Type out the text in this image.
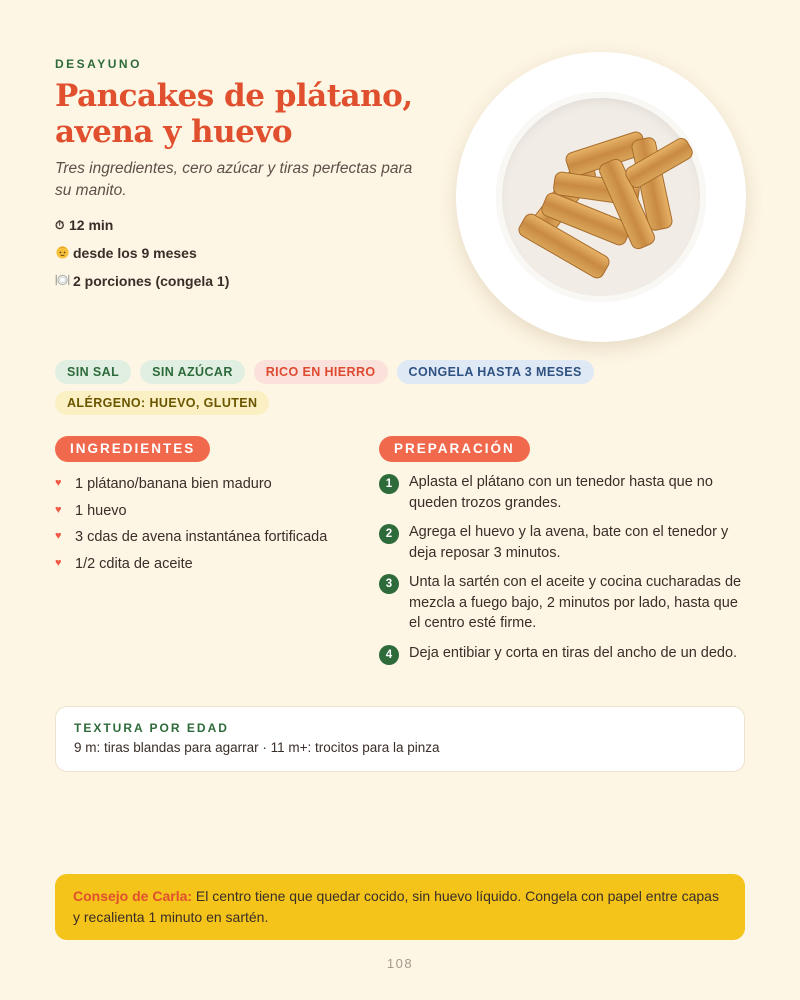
DESAYUNO
Pancakes de plátano, avena y huevo

Tres ingredientes, cero azúcar y tiras perfectas para su manito.

⏱ 12 min
desde los 9 meses
2 porciones (congela 1)
SIN SAL	SIN AZÚCAR	RICO EN HIERRO	CONGELA HASTA 3 MESES
ALÉRGENO: HUEVO, GLUTEN
INGREDIENTES
♥ 1 plátano/banana bien maduro
♥ 1 huevo
♥ 3 cdas de avena instantánea fortificada
♥ 1/2 cdita de aceite
PREPARACIÓN
1	Aplasta el plátano con un tenedor hasta que no queden trozos grandes.
2	Agrega el huevo y la avena, bate con el tenedor y deja reposar 3 minutos.
3	Unta la sartén con el aceite y cocina cucharadas de mezcla a fuego bajo, 2 minutos por lado, hasta que el centro esté firme.
4	Deja entibiar y corta en tiras del ancho de un dedo.
TEXTURA POR EDAD
9 m: tiras blandas para agarrar · 11 m+: trocitos para la pinza
Consejo de Carla: El centro tiene que quedar cocido, sin huevo líquido. Congela con papel entre capas y recalienta 1 minuto en sartén.
108
